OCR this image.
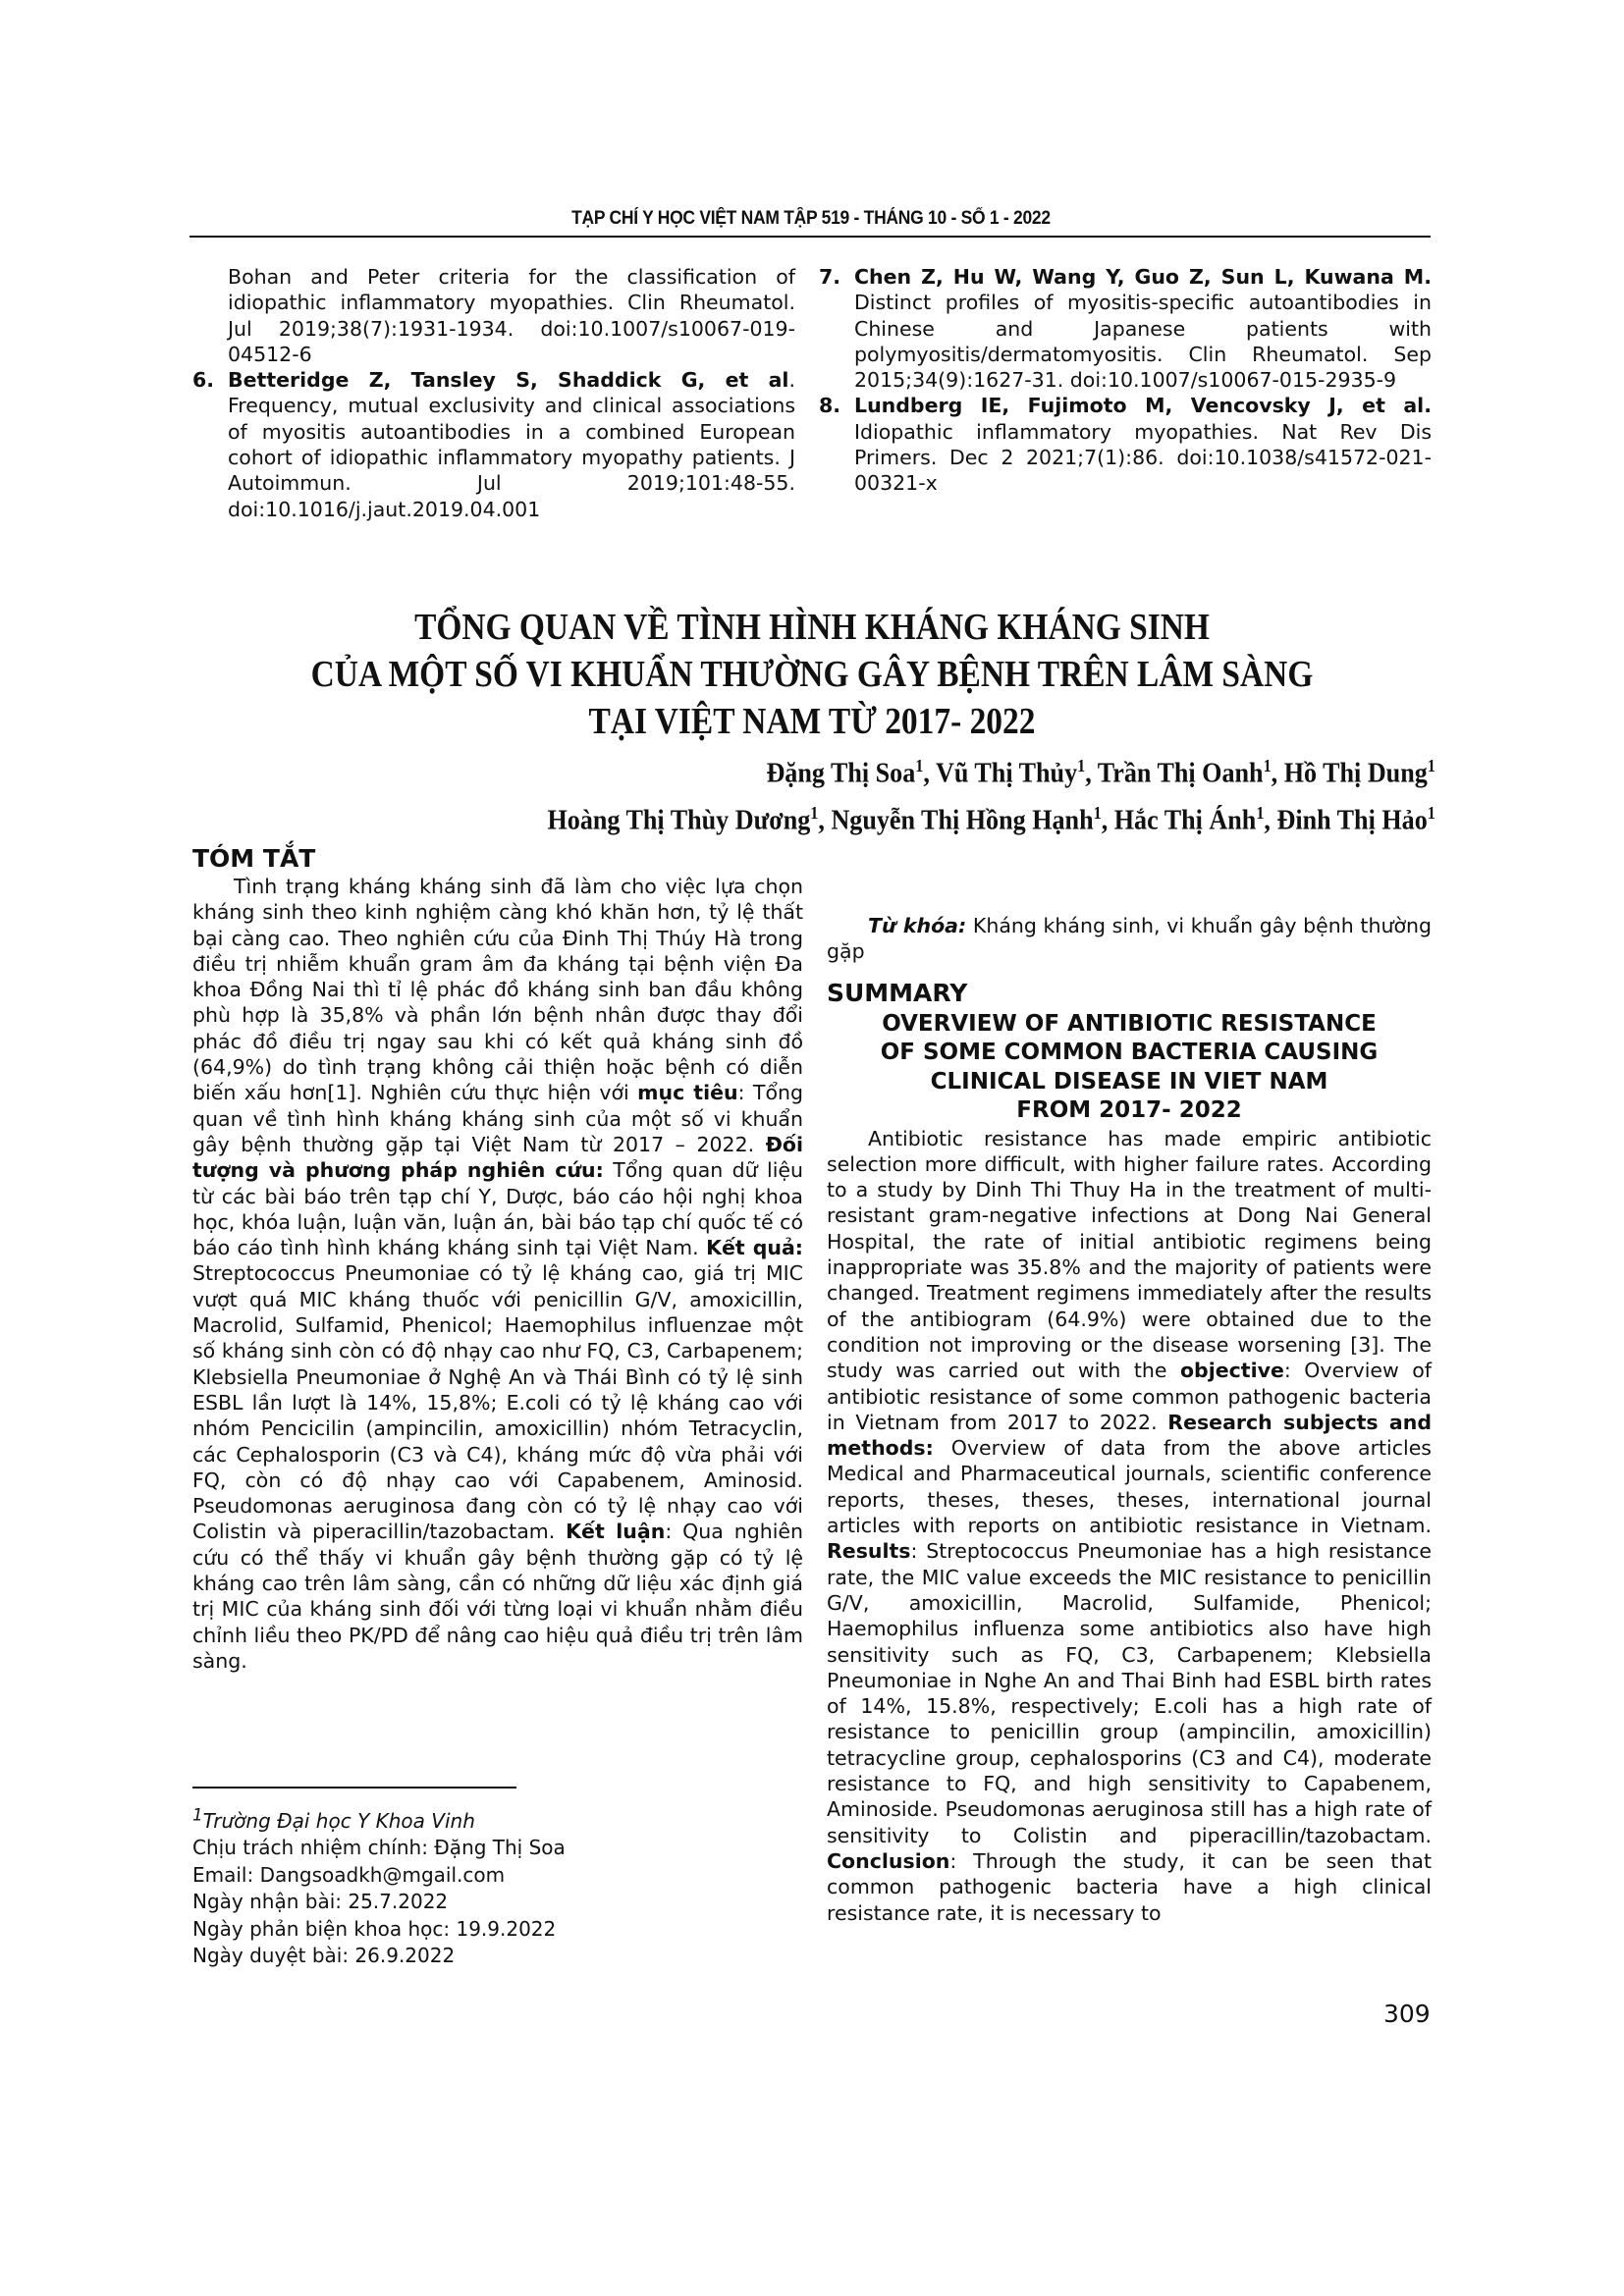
TẠP CHÍ Y HỌC VIỆT NAM TẬP 519 - THÁNG 10 - SỐ 1 - 2022
Bohan and Peter criteria for the classification of idiopathic inflammatory myopathies. Clin Rheumatol. Jul 2019;38(7):1931-1934. doi:10.1007/s10067-019-04512-6
6. Betteridge Z, Tansley S, Shaddick G, et al. Frequency, mutual exclusivity and clinical associations of myositis autoantibodies in a combined European cohort of idiopathic inflammatory myopathy patients. J Autoimmun. Jul 2019;101:48-55. doi:10.1016/j.jaut.2019.04.001
7. Chen Z, Hu W, Wang Y, Guo Z, Sun L, Kuwana M. Distinct profiles of myositis-specific autoantibodies in Chinese and Japanese patients with polymyositis/dermatomyositis. Clin Rheumatol. Sep 2015;34(9):1627-31. doi:10.1007/s10067-015-2935-9
8. Lundberg IE, Fujimoto M, Vencovsky J, et al. Idiopathic inflammatory myopathies. Nat Rev Dis Primers. Dec 2 2021;7(1):86. doi:10.1038/s41572-021-00321-x
TỔNG QUAN VỀ TÌNH HÌNH KHÁNG KHÁNG SINH
CỦA MỘT SỐ VI KHUẨN THƯỜNG GÂY BỆNH TRÊN LÂM SÀNG
TẠI VIỆT NAM TỪ 2017- 2022
Đặng Thị Soa$^1$, Vũ Thị Thủy$^1$, Trần Thị Oanh$^1$, Hồ Thị Dung$^1$
Hoàng Thị Thùy Dương$^1$, Nguyễn Thị Hồng Hạnh$^1$, Hắc Thị Ánh$^1$, Đinh Thị Hảo$^1$
TÓM TẮT
Tình trạng kháng kháng sinh đã làm cho việc lựa chọn kháng sinh theo kinh nghiệm càng khó khăn hơn, tỷ lệ thất bại càng cao. Theo nghiên cứu của Đinh Thị Thúy Hà trong điều trị nhiễm khuẩn gram âm đa kháng tại bệnh viện Đa khoa Đồng Nai thì tỉ lệ phác đồ kháng sinh ban đầu không phù hợp là 35,8% và phần lớn bệnh nhân được thay đổi phác đồ điều trị ngay sau khi có kết quả kháng sinh đồ (64,9%) do tình trạng không cải thiện hoặc bệnh có diễn biến xấu hơn[1]. Nghiên cứu thực hiện với mục tiêu: Tổng quan về tình hình kháng kháng sinh của một số vi khuẩn gây bệnh thường gặp tại Việt Nam từ 2017 – 2022. Đối tượng và phương pháp nghiên cứu: Tổng quan dữ liệu từ các bài báo trên tạp chí Y, Dược, báo cáo hội nghị khoa học, khóa luận, luận văn, luận án, bài báo tạp chí quốc tế có báo cáo tình hình kháng kháng sinh tại Việt Nam. Kết quả: Streptococcus Pneumoniae có tỷ lệ kháng cao, giá trị MIC vượt quá MIC kháng thuốc với penicillin G/V, amoxicillin, Macrolid, Sulfamid, Phenicol; Haemophilus influenzae một số kháng sinh còn có độ nhạy cao như FQ, C3, Carbapenem; Klebsiella Pneumoniae ở Nghệ An và Thái Bình có tỷ lệ sinh ESBL lần lượt là 14%, 15,8%; E.coli có tỷ lệ kháng cao với nhóm Pencicilin (ampincilin, amoxicillin) nhóm Tetracyclin, các Cephalosporin (C3 và C4), kháng mức độ vừa phải với FQ, còn có độ nhạy cao với Capabenem, Aminosid. Pseudomonas aeruginosa đang còn có tỷ lệ nhạy cao với Colistin và piperacillin/tazobactam. Kết luận: Qua nghiên cứu có thể thấy vi khuẩn gây bệnh thường gặp có tỷ lệ kháng cao trên lâm sàng, cần có những dữ liệu xác định giá trị MIC của kháng sinh đối với từng loại vi khuẩn nhằm điều chỉnh liều theo PK/PD để nâng cao hiệu quả điều trị trên lâm sàng.
Từ khóa: Kháng kháng sinh, vi khuẩn gây bệnh thường gặp
SUMMARY
OVERVIEW OF ANTIBIOTIC RESISTANCE
OF SOME COMMON BACTERIA CAUSING
CLINICAL DISEASE IN VIET NAM
FROM 2017- 2022
Antibiotic resistance has made empiric antibiotic selection more difficult, with higher failure rates. According to a study by Dinh Thi Thuy Ha in the treatment of multi-resistant gram-negative infections at Dong Nai General Hospital, the rate of initial antibiotic regimens being inappropriate was 35.8% and the majority of patients were changed. Treatment regimens immediately after the results of the antibiogram (64.9%) were obtained due to the condition not improving or the disease worsening [3]. The study was carried out with the objective: Overview of antibiotic resistance of some common pathogenic bacteria in Vietnam from 2017 to 2022. Research subjects and methods: Overview of data from the above articles Medical and Pharmaceutical journals, scientific conference reports, theses, theses, theses, international journal articles with reports on antibiotic resistance in Vietnam. Results: Streptococcus Pneumoniae has a high resistance rate, the MIC value exceeds the MIC resistance to penicillin G/V, amoxicillin, Macrolid, Sulfamide, Phenicol; Haemophilus influenza some antibiotics also have high sensitivity such as FQ, C3, Carbapenem; Klebsiella Pneumoniae in Nghe An and Thai Binh had ESBL birth rates of 14%, 15.8%, respectively; E.coli has a high rate of resistance to penicillin group (ampincilin, amoxicillin) tetracycline group, cephalosporins (C3 and C4), moderate resistance to FQ, and high sensitivity to Capabenem, Aminoside. Pseudomonas aeruginosa still has a high rate of sensitivity to Colistin and piperacillin/tazobactam. Conclusion: Through the study, it can be seen that common pathogenic bacteria have a high clinical resistance rate, it is necessary to
$^1$Trường Đại học Y Khoa Vinh
Chịu trách nhiệm chính: Đặng Thị Soa
Email: Dangsoadkh@mgail.com
Ngày nhận bài: 25.7.2022
Ngày phản biện khoa học: 19.9.2022
Ngày duyệt bài: 26.9.2022
309
